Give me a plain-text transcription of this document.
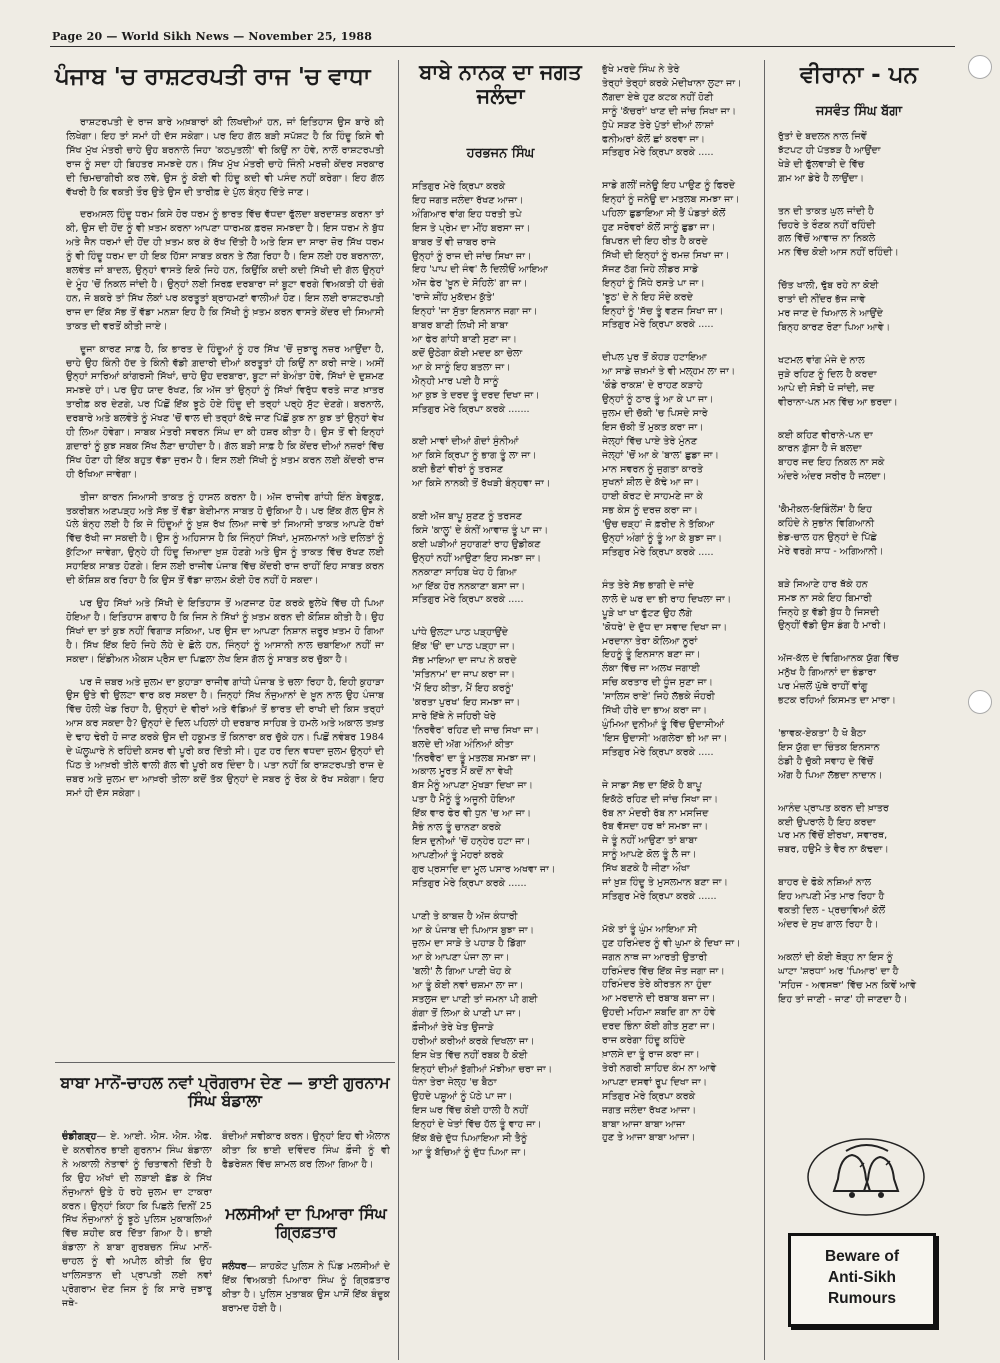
Page 20 — World Sikh News — November 25, 1988
ਪੰਜਾਬ 'ਚ ਰਾਸ਼ਟਰਪਤੀ ਰਾਜ 'ਚ ਵਾਧਾ

ਰਾਸ਼ਟਰਪਤੀ ਦੇ ਰਾਜ ਬਾਰੇ ਅਖ਼ਬਾਰਾਂ ਕੀ ਲਿਖਦੀਆਂ ਹਨ, ਜਾਂ ਇਤਿਹਾਸ ਉਸ ਬਾਰੇ ਕੀ ਲਿਖੇਗਾ। ਇਹ ਤਾਂ ਸਮਾਂ ਹੀ ਦੱਸ ਸਕੇਗਾ। ਪਰ ਇਹ ਗੱਲ ਬੜੀ ਸਪੱਸ਼ਟ ਹੈ ਕਿ ਹਿੰਦੂ ਕਿਸੇ ਵੀ ਸਿੱਖ ਮੁੱਖ ਮੰਤਰੀ ਚਾਹੇ ਉਹ ਬਰਨਾਲੇ ਜਿਹਾ 'ਕਠਪੁਤਲੀ' ਵੀ ਕਿਉਂ ਨਾ ਹੋਵੇ, ਨਾਲੋਂ ਰਾਸ਼ਟਰਪਤੀ ਰਾਜ ਨੂੰ ਸਦਾ ਹੀ ਬਿਹਤਰ ਸਮਝਦੇ ਹਨ। ਸਿੱਖ ਮੁੱਖ ਮੰਤਰੀ ਚਾਹੇ ਜਿੰਨੀ ਮਰਜ਼ੀ ਕੇਂਦਰ ਸਰਕਾਰ ਦੀ ਚਿਮਚਾਗੀਰੀ ਕਰ ਲਵੇ, ਉਸ ਨੂੰ ਕੋਈ ਵੀ ਹਿੰਦੂ ਕਦੀ ਵੀ ਪਸੰਦ ਨਹੀਂ ਕਰੇਗਾ। ਇਹ ਗੱਲ ਵੱਖਰੀ ਹੈ ਕਿ ਵਕਤੀ ਤੌਰ ਉਤੇ ਉਸ ਦੀ ਤਾਰੀਫ਼ ਦੇ ਪੁੱਲ ਬੰਨ੍ਹ ਦਿੱਤੇ ਜਾਣ।

ਦਰਅਸਲ ਹਿੰਦੂ ਧਰਮ ਕਿਸੇ ਹੋਰ ਧਰਮ ਨੂੰ ਭਾਰਤ ਵਿੱਚ ਵੱਧਦਾ ਫੁੱਲਦਾ ਬਰਦਾਸ਼ਤ ਕਰਨਾ ਤਾਂ ਕੀ, ਉਸ ਦੀ ਹੋਂਦ ਨੂੰ ਵੀ ਖ਼ਤਮ ਕਰਨਾ ਆਪਣਾ ਧਾਰਮਕ ਫ਼ਰਜ਼ ਸਮਝਦਾ ਹੈ। ਇਸ ਧਰਮ ਨੇ ਬੁੱਧ ਅਤੇ ਜੈਨ ਧਰਮਾਂ ਦੀ ਹੋਂਦ ਹੀ ਖ਼ਤਮ ਕਰ ਕੇ ਰੱਖ ਦਿੱਤੀ ਹੈ ਅਤੇ ਇਸ ਦਾ ਸਾਰਾ ਜ਼ੋਰ ਸਿੱਖ ਧਰਮ ਨੂੰ ਵੀ ਹਿੰਦੂ ਧਰਮ ਦਾ ਹੀ ਇਕ ਹਿੱਸਾ ਸਾਬਤ ਕਰਨ ਤੇ ਲੱਗ ਰਿਹਾ ਹੈ। ਇਸ ਲਈ ਹਰ ਬਰਨਾਲਾ, ਬਲਵੰਤ ਜਾਂ ਬਾਦਲ, ਉਨ੍ਹਾਂ ਵਾਸਤੇ ਇਕੋ ਜਿਹੇ ਹਨ, ਕਿਉਂਕਿ ਕਦੀ ਕਦੀ ਸਿੱਖੀ ਦੀ ਗੱਲ ਉਨ੍ਹਾਂ ਦੇ ਮੂੰਹ 'ਚੋਂ ਨਿਕਲ ਜਾਂਦੀ ਹੈ। ਉਨ੍ਹਾਂ ਲਈ ਸਿਰਫ਼ ਦਰਬਾਰਾ ਜਾਂ ਬੂਟਾ ਵਰਗੇ ਵਿਅਕਤੀ ਹੀ ਚੰਗੇ ਹਨ, ਜੋ ਬਕਰੇ ਤਾਂ ਸਿੱਖ ਲੋਕਾਂ ਪਰ ਕਰਤੂਤਾਂ ਬ੍ਰਾਹਮਣਾਂ ਵਾਲੀਆਂ ਹੋਣ। ਇਸ ਲਈ ਰਾਸ਼ਟਰਪਤੀ ਰਾਜ ਦਾ ਇੱਕ ਸੱਭ ਤੋਂ ਵੱਡਾ ਮਨਸ਼ਾ ਇਹ ਹੈ ਕਿ ਸਿੱਖੀ ਨੂੰ ਖ਼ਤਮ ਕਰਨ ਵਾਸਤੇ ਕੇਂਦਰ ਦੀ ਸਿਆਸੀ ਤਾਕਤ ਦੀ ਵਰਤੋਂ ਕੀਤੀ ਜਾਏ।

ਦੂਜਾ ਕਾਰਣ ਸਾਫ਼ ਹੈ, ਕਿ ਭਾਰਤ ਦੇ ਹਿੰਦੂਆਂ ਨੂੰ ਹਰ ਸਿੱਖ 'ਚੋਂ ਜੁਝਾਰੂ ਨਜ਼ਰ ਆਉਂਦਾ ਹੈ, ਚਾਹੇ ਉਹ ਕਿੰਨੀ ਹੱਦ ਤੇ ਕਿੰਨੀ ਵੱਡੀ ਗ਼ਦਾਰੀ ਦੀਆਂ ਕਰਤੂਤਾਂ ਹੀ ਕਿਉਂ ਨਾ ਕਰੀ ਜਾਏ। ਅਸੀਂ ਉਨ੍ਹਾਂ ਸਾਰਿਆਂ ਕਾਂਗਰਸੀ ਸਿੱਖਾਂ, ਚਾਹੇ ਉਹ ਦਰਬਾਰਾ, ਬੂਟਾ ਜਾਂ ਬੇਅੰਤਾ ਹੋਵੇ, ਸਿੱਖਾਂ ਦੇ ਦੁਸ਼ਮਣ ਸਮਝਦੇ ਹਾਂ। ਪਰ ਉਹ ਯਾਦ ਰੱਖਣ, ਕਿ ਅੱਜ ਤਾਂ ਉਨ੍ਹਾਂ ਨੂੰ ਸਿੱਖਾਂ ਵਿਰੁੱਧ ਵਰਤੇ ਜਾਣ ਖ਼ਾਤਰ ਤਾਰੀਫ਼ ਕਰ ਦੇਣਗੇ, ਪਰ ਪਿੱਛੋਂ ਇੱਕ ਝੂਠੇ ਹੋਏ ਹਿੰਦੂ ਦੀ ਤਰ੍ਹਾਂ ਪਰ੍ਹੇ ਸੁੱਟ ਦੇਣਗੇ। ਬਰਨਾਲੇ, ਦਰਬਾਰੇ ਅਤੇ ਬਲਵੰਤੇ ਨੂੰ ਮੱਖਣ 'ਚੋਂ ਵਾਲ ਦੀ ਤਰ੍ਹਾਂ ਕੱਢੇ ਜਾਣ ਪਿੱਛੋਂ ਕੁਝ ਨਾ ਕੁਝ ਤਾਂ ਉਨ੍ਹਾਂ ਵੇਖ ਹੀ ਲਿਆ ਹੋਵੇਗਾ। ਸਾਬਕ ਮੰਤਰੀ ਸਵਰਨ ਸਿੰਘ ਦਾ ਕੀ ਹਸ਼ਰ ਕੀਤਾ ਹੈ। ਉਸ ਤੋਂ ਵੀ ਇਨ੍ਹਾਂ ਗ਼ਦਾਰਾਂ ਨੂੰ ਕੁਝ ਸਬਕ ਸਿੱਖ ਲੈਣਾ ਚਾਹੀਦਾ ਹੈ। ਗੱਲ ਬੜੀ ਸਾਫ਼ ਹੈ ਕਿ ਕੇਂਦਰ ਦੀਆਂ ਨਜ਼ਰਾਂ ਵਿੱਚ ਸਿੱਖ ਹੋਣਾ ਹੀ ਇੱਕ ਬਹੁਤ ਵੱਡਾ ਜੁਰਮ ਹੈ। ਇਸ ਲਈ ਸਿੱਖੀ ਨੂੰ ਖ਼ਤਮ ਕਰਨ ਲਈ ਕੇਂਦਰੀ ਰਾਜ ਹੀ ਰੱਖਿਆ ਜਾਵੇਗਾ।

ਤੀਜਾ ਕਾਰਨ ਸਿਆਸੀ ਤਾਕਤ ਨੂੰ ਹਾਸਲ ਕਰਨਾ ਹੈ। ਅੱਜ ਰਾਜੀਵ ਗਾਂਧੀ ਇੰਨ ਬੇਵਕੂਫ਼, ਤਕਰੀਬਨ ਅਣਪੜ੍ਹ ਅਤੇ ਸੱਭ ਤੋਂ ਵੱਡਾ ਬੇਈਮਾਨ ਸਾਬਤ ਹੋ ਚੁੱਕਿਆ ਹੈ। ਪਰ ਇੱਕ ਗੱਲ ਉਸ ਨੇ ਪੱਲੇ ਬੰਨ੍ਹ ਲਈ ਹੈ ਕਿ ਜੇ ਹਿੰਦੂਆਂ ਨੂੰ ਖ਼ੁਸ਼ ਰੱਖ ਲਿਆ ਜਾਵੇ ਤਾਂ ਸਿਆਸੀ ਤਾਕਤ ਆਪਣੇ ਹੱਥਾਂ ਵਿੱਚ ਰੱਖੀ ਜਾ ਸਕਦੀ ਹੈ। ਉਸ ਨੂੰ ਅਹਿਸਾਸ ਹੈ ਕਿ ਜਿੰਨ੍ਹਾਂ ਸਿੱਖਾਂ, ਮੁਸਲਮਾਨਾਂ ਅਤੇ ਦਲਿਤਾਂ ਨੂੰ ਕੁੱਟਿਆ ਜਾਵੇਗਾ, ਉਨ੍ਹੇ ਹੀ ਹਿੰਦੂ ਜ਼ਿਆਦਾ ਖ਼ੁਸ਼ ਹੋਣਗੇ ਅਤੇ ਉਸ ਨੂੰ ਤਾਕਤ ਵਿੱਚ ਰੱਖਣ ਲਈ ਸਹਾਇਕ ਸਾਬਤ ਹੋਣਗੇ। ਇਸ ਲਈ ਰਾਜੀਵ ਪੰਜਾਬ ਵਿੱਚ ਕੇਂਦਰੀ ਰਾਜ ਰਾਹੀਂ ਇਹ ਸਾਬਤ ਕਰਨ ਦੀ ਕੋਸ਼ਿਸ਼ ਕਰ ਰਿਹਾ ਹੈ ਕਿ ਉਸ ਤੋਂ ਵੱਡਾ ਜ਼ਾਲਮ ਕੋਈ ਹੋਰ ਨਹੀਂ ਹੋ ਸਕਦਾ।

ਪਰ ਉਹ ਸਿੱਖਾਂ ਅਤੇ ਸਿੱਖੀ ਦੇ ਇਤਿਹਾਸ ਤੋਂ ਅਣਜਾਣ ਹੋਣ ਕਰਕੇ ਭੁਲੇਖੇ ਵਿੱਚ ਹੀ ਪਿਆ ਹੋਇਆ ਹੈ। ਇਤਿਹਾਸ ਗਵਾਹ ਹੈ ਕਿ ਜਿਸ ਨੇ ਸਿੱਖਾਂ ਨੂੰ ਖ਼ਤਮ ਕਰਨ ਦੀ ਕੋਸ਼ਿਸ਼ ਕੀਤੀ ਹੈ। ਉਹ ਸਿੱਖਾਂ ਦਾ ਤਾਂ ਕੁਝ ਨਹੀਂ ਵਿਗਾੜ ਸਕਿਆ, ਪਰ ਉਸ ਦਾ ਆਪਣਾ ਨਿਸ਼ਾਨ ਜ਼ਰੂਰ ਖ਼ਤਮ ਹੋ ਗਿਆ ਹੈ। ਸਿੱਖ ਇੱਕ ਇਹੋ ਜਿਹੇ ਲੋਹੇ ਦੇ ਛੋਲੇ ਹਨ, ਜਿੰਨ੍ਹਾਂ ਨੂੰ ਆਸਾਨੀ ਨਾਲ ਚਬਾਇਆ ਨਹੀਂ ਜਾ ਸਕਦਾ। ਇੰਡੀਅਨ ਐਕਸ ਪ੍ਰੈਸ ਦਾ ਪਿਛਲਾ ਲੇਖ ਇਸ ਗੱਲ ਨੂੰ ਸਾਬਤ ਕਰ ਚੁੱਕਾ ਹੈ।

ਪਰ ਜੋ ਜ਼ਬਰ ਅਤੇ ਜ਼ੁਲਮ ਦਾ ਕੁਹਾੜਾ ਰਾਜੀਵ ਗਾਂਧੀ ਪੰਜਾਬ ਤੇ ਚਲਾ ਰਿਹਾ ਹੈ, ਇਹੀ ਕੁਹਾੜਾ ਉਸ ਉਤੇ ਵੀ ਉਲਟਾ ਵਾਰ ਕਰ ਸਕਦਾ ਹੈ। ਜਿਨ੍ਹਾਂ ਸਿੱਖ ਨੌਜੁਆਨਾਂ ਦੇ ਖ਼ੂਨ ਨਾਲ ਉਹ ਪੰਜਾਬ ਵਿੱਚ ਹੋਲੀ ਖੇਡ ਰਿਹਾ ਹੈ, ਉਨ੍ਹਾਂ ਦੇ ਵੀਰਾਂ ਅਤੇ ਵੱਡਿਆਂ ਤੋਂ ਭਾਰਤ ਦੀ ਰਾਖੀ ਦੀ ਕਿਸ ਤਰ੍ਹਾਂ ਆਸ ਕਰ ਸਕਦਾ ਹੈ? ਉਨ੍ਹਾਂ ਦੇ ਦਿਲ ਪਹਿਲਾਂ ਹੀ ਦਰਬਾਰ ਸਾਹਿਬ ਤੇ ਹਮਲੇ ਅਤੇ ਅਕਾਲ ਤਖ਼ਤ ਦੇ ਢਾਹ ਢੇਰੀ ਹੋ ਜਾਣ ਕਰਕੇ ਉਸ ਦੀ ਹਕੂਮਤ ਤੋਂ ਕਿਨਾਰਾ ਕਰ ਚੁੱਕੇ ਹਨ। ਪਿਛੋਂ ਨਵੰਬਰ 1984 ਦੇ ਘੱਲੂਘਾਰੇ ਨੇ ਰਹਿੰਦੀ ਕਸਰ ਵੀ ਪੂਰੀ ਕਰ ਦਿੱਤੀ ਸੀ। ਹੁਣ ਹਰ ਦਿਨ ਵਧਦਾ ਜ਼ੁਲਮ ਉਨ੍ਹਾਂ ਦੀ ਪਿੱਠ ਤੇ ਆਖ਼ਰੀ ਤੀਲੇ ਵਾਲੀ ਗੱਲ ਵੀ ਪੂਰੀ ਕਰ ਦਿੰਦਾ ਹੈ। ਪਤਾ ਨਹੀਂ ਕਿ ਰਾਸ਼ਟਰਪਤੀ ਰਾਜ ਦੇ ਜ਼ਬਰ ਅਤੇ ਜ਼ੁਲਮ ਦਾ ਆਖ਼ਰੀ ਤੀਲਾ ਕਦੋਂ ਤੱਕ ਉਨ੍ਹਾਂ ਦੇ ਸਬਰ ਨੂੰ ਰੋਕ ਕੇ ਰੱਖ ਸਕੇਗਾ। ਇਹ ਸਮਾਂ ਹੀ ਦੱਸ ਸਕੇਗਾ।

ਬਾਬਾ ਮਾਨੋਂ-ਚਾਹਲ ਨਵਾਂ ਪ੍ਰੋਗਰਾਮ ਦੇਣ — ਭਾਈ ਗੁਰਨਾਮ ਸਿੰਘ ਬੰਡਾਲਾ
ਚੰਡੀਗੜ੍ਹ— ਏ. ਆਈ. ਐਸ. ਐਸ. ਐਫ. ਦੇ ਕਨਵੀਨਰ ਭਾਈ ਗੁਰਨਾਮ ਸਿੰਘ ਬੰਡਾਲਾ ਨੇ ਅਕਾਲੀ ਨੇਤਾਵਾਂ ਨੂੰ ਚਿਤਾਵਨੀ ਦਿੱਤੀ ਹੈ ਕਿ ਉਹ ਅੱਖਾਂ ਦੀ ਲੜਾਈ ਛੱਡ ਕੇ ਸਿੱਖ ਨੌਜੁਆਨਾਂ ਉਤੇ ਹੋ ਰਹੇ ਜ਼ੁਲਮ ਦਾ ਟਾਕਰਾ ਕਰਨ। ਉਨ੍ਹਾਂ ਕਿਹਾ ਕਿ ਪਿਛਲੇ ਦਿਨੀਂ 25 ਸਿੱਖ ਨੌਜੁਆਨਾਂ ਨੂੰ ਝੂਠੇ ਪੁਲਿਸ ਮੁਕਾਬਲਿਆਂ ਵਿੱਚ ਸ਼ਹੀਦ ਕਰ ਦਿੱਤਾ ਗਿਆ ਹੈ। ਭਾਈ ਬੰਡਾਲਾ ਨੇ ਬਾਬਾ ਗੁਰਬਚਨ ਸਿੰਘ ਮਾਨੋਂ-ਚਾਹਲ ਨੂੰ ਵੀ ਅਪੀਲ ਕੀਤੀ ਕਿ ਉਹ ਖਾਲਿਸਤਾਨ ਦੀ ਪ੍ਰਾਪਤੀ ਲਈ ਨਵਾਂ ਪ੍ਰੋਗਰਾਮ ਦੇਣ ਜਿਸ ਨੂੰ ਕਿ ਸਾਰੇ ਜੁਝਾਰੂ ਜਥੇ-
ਬੰਦੀਆਂ ਸਵੀਕਾਰ ਕਰਨ। ਉਨ੍ਹਾਂ ਇਹ ਵੀ ਐਲਾਨ ਕੀਤਾ ਕਿ ਭਾਈ ਦਵਿੰਦਰ ਸਿੰਘ ਫ਼ੌਜੀ ਨੂੰ ਵੀ ਫੈਡਰੇਸ਼ਨ ਵਿੱਚ ਸ਼ਾਮਲ ਕਰ ਲਿਆ ਗਿਆ ਹੈ।
ਮਲਸੀਆਂ ਦਾ ਪਿਆਰਾ ਸਿੰਘ ਗ੍ਰਿਫ਼ਤਾਰ
ਜਲੰਧਰ— ਸ਼ਾਹਕੋਟ ਪੁਲਿਸ ਨੇ ਪਿੰਡ ਮਲਸੀਆਂ ਦੇ ਇੱਕ ਵਿਅਕਤੀ ਪਿਆਰਾ ਸਿੰਘ ਨੂੰ ਗ੍ਰਿਫ਼ਤਾਰ ਕੀਤਾ ਹੈ। ਪੁਲਿਸ ਮੁਤਾਬਕ ਉਸ ਪਾਸੋਂ ਇੱਕ ਬੰਦੂਕ ਬਰਾਮਦ ਹੋਈ ਹੈ।
ਬਾਬੇ ਨਾਨਕ ਦਾ ਜਗਤ ਜਲੰਦਾ
ਹਰਭਜਨ ਸਿੰਘ
ਸਤਿਗੁਰ ਮੇਰੇ ਕ੍ਰਿਪਾ ਕਰਕੇ
ਇਹ ਜਗਤ ਜਲੰਦਾ ਰੱਖਣ ਆਜਾ।
ਅੰਗਿਆਰ ਵਾਂਗ ਇਹ ਧਰਤੀ ਤਪੇ
ਇਸ ਤੇ ਪ੍ਰੇਮ ਦਾ ਮੀਂਹ ਬਰਸਾ ਜਾ।
ਬਾਬਰ ਤੋਂ ਵੀ ਜ਼ਾਬਰ ਰਾਜੇ
ਉਨ੍ਹਾਂ ਨੂੰ ਰਾਜ ਦੀ ਜਾਂਚ ਸਿਖਾ ਜਾ।
ਇਹ 'ਪਾਪ ਦੀ ਜੰਞ' ਲੈ ਦਿਲੀਓਂ ਆਇਆ
ਅੱਜ ਫੇਰ 'ਖ਼ੂਨ ਦੇ ਸੋਹਿਲੇ' ਗਾ ਜਾ।
'ਰਾਜੇ ਸ਼ੀਂਹ ਮੁਕੱਦਮ ਕੁੱਤੇ'
ਇਨ੍ਹਾਂ 'ਜਾ ਸੁੱਤਾ ਇਨਸਾਨ ਜਗਾ ਜਾ।
ਬਾਬਰ ਬਾਣੀ ਲਿਖੀ ਸੀ ਬਾਬਾ
ਆ ਫੇਰ ਗਾਂਧੀ ਬਾਣੀ ਸੁਣਾ ਜਾ।
ਕਦੋਂ ਉਠੇਗਾ ਕੋਈ ਮਦਦ ਕਾ ਚੇਲਾ
ਆ ਕੇ ਸਾਨੂੰ ਇਹ ਬਤਲਾ ਜਾ।
ਐਨ੍ਹੀ ਮਾਰ ਪਈ ਹੈ ਸਾਨੂੰ
ਆ ਕੁਝ ਤੇ ਦਰਦ ਤੂੰ ਦਰਦ ਦਿਖਾ ਜਾ।
ਸਤਿਗੁਰ ਮੇਰੇ ਕ੍ਰਿਪਾ ਕਰਕੇ .......
ਕਈ ਮਾਵਾਂ ਦੀਆਂ ਗੋਦਾਂ ਸੁੰਨੀਆਂ
ਆ ਕਿਸੇ ਕ੍ਰਿਪਾ ਨੂੰ ਭਾਗ ਤੂੰ ਲਾ ਜਾ।
ਕਈ ਭੈਣਾਂ ਵੀਰਾਂ ਨੂੰ ਤਰਸਣ
ਆ ਕਿਸੇ ਨਾਨਕੀ ਤੋਂ ਰੱਖੜੀ ਬੰਨ੍ਹਵਾ ਜਾ।
ਕਈ ਅੱਜ ਬਾਪੂ ਸੁਣਣ ਨੂੰ ਤਰਸਣ
ਕਿਸੇ 'ਕਾਲੂ' ਦੇ ਕੰਨੀਂ ਆਵਾਜ਼ ਤੂੰ ਪਾ ਜਾ।
ਕਈ ਘੜੀਆਂ ਸੁਹਾਗਣਾਂ ਰਾਹ ਉਡੀਕਣ
ਉਨ੍ਹਾਂ ਨਹੀਂ ਆਉਣਾ ਇਹ ਸਮਝਾ ਜਾ।
ਨਨਕਾਣਾ ਸਾਹਿਬ ਖੇਹ ਹੋ ਗਿਆ
ਆ ਇੱਕ ਹੋਰ ਨਨਕਾਣਾ ਬਸਾ ਜਾ।
ਸਤਿਗੁਰ ਮੇਰੇ ਕ੍ਰਿਪਾ ਕਰਕੇ .....
ਪਾਂਧੇ ਉਲਟਾ ਪਾਠ ਪੜ੍ਹਾਉਂਦੇ
ਇੱਕ 'ਓਂ' ਦਾ ਪਾਠ ਪੜ੍ਹਾ ਜਾ।
ਸੱਭ ਮਾਇਆ ਦਾ ਜਾਪ ਨੇ ਕਰਦੇ
'ਸਤਿਨਾਮ' ਦਾ ਜਾਪ ਕਰਾ ਜਾ।
'ਮੈਂ ਇਹ ਕੀਤਾ, ਮੈਂ ਇਹ ਕਰਨੂੰ'
'ਕਰਤਾ ਪੁਰਖ' ਇਹ ਸਮਝਾ ਜਾ।
ਸਾਰੇ ਇੱਥੇ ਨੇ ਜਹਿਰੀ ਖੋਰੇ
'ਨਿਰਵੈਰ' ਰਹਿਣ ਦੀ ਜਾਚ ਸਿਖਾ ਜਾ।
ਬਲਦੇ ਦੀ ਅੱਗ ਅੰਨਿਆਂ ਕੀਤਾ
'ਨਿਰਵੈਰ' ਦਾ ਤੂੰ ਮਤਲਬ ਸਮਝਾ ਜਾ।
ਅਕਾਲ ਮੂਰਤ ਮੈਂ ਕਦੋਂ ਨਾ ਵੇਖੀ
ਬੱਸ ਮੈਨੂੰ ਆਪਣਾ ਮੁੱਖੜਾ ਦਿਖਾ ਜਾ।
ਪਤਾ ਹੈ ਮੈਨੂੰ ਤੂੰ ਅਜੂਨੀ ਹੋਇਆ
ਇੱਕ ਵਾਰ ਫੇਰ ਵੀ ਧੁਨ 'ਚ ਆ ਜਾ।
ਸੈਭੰ ਨਾਲ ਤੂੰ ਚਾਨਣਾ ਕਰਕੇ
ਇਸ ਦੁਨੀਆਂ 'ਚੋਂ ਹਨ੍ਹੇਰ ਹਟਾ ਜਾ।
ਆਪਣੀਆਂ ਤੂੰ ਮੋਹਰਾਂ ਕਰਕੇ
ਗੁਰ ਪ੍ਰਸਾਦਿ ਦਾ ਮੂਲ ਪਸਾਰ ਅਖਵਾ ਜਾ।
ਸਤਿਗੁਰ ਮੇਰੇ ਕ੍ਰਿਪਾ ਕਰਕੇ ......
ਪਾਣੀ ਤੇ ਕਾਬਜ਼ ਹੈ ਅੱਜ ਕੰਧਾਰੀ
ਆ ਕੇ ਪੰਜਾਬ ਦੀ ਪਿਆਸ ਬੁਝਾ ਜਾ।
ਜ਼ੁਲਮ ਦਾ ਸਾੜੇ ਤੇ ਪਹਾੜ ਹੈ ਡਿੱਗਾ
ਆ ਕੇ ਆਪਣਾ ਪੰਜਾ ਲਾ ਜਾ।
'ਬਲੀ' ਲੈ ਗਿਆ ਪਾਣੀ ਖੋਹ ਕੇ
ਆ ਤੂੰ ਕੋਈ ਨਵਾਂ ਚਸ਼ਮਾ ਲਾ ਜਾ।
ਸਤਲੁਜ ਦਾ ਪਾਣੀ ਤਾਂ ਜਮਨਾ ਪੀ ਗਈ
ਗੰਗਾ ਤੋਂ ਲਿਆ ਕੇ ਪਾਣੀ ਪਾ ਜਾ।
ਫ਼ੌਜੀਆਂ ਤੇਰੇ ਖੇਤ ਉਜਾੜੇ
ਹਰੀਆਂ ਕਰੀਆਂ ਕਰਕੇ ਦਿਖਲਾ ਜਾ।
ਇਸ ਖੇਤ ਵਿੱਚ ਨਹੀਂ ਰਬਕ ਹੈ ਕੋਈ
ਇਨ੍ਹਾਂ ਦੀਆਂ ਝੁੱਗੀਆਂ ਮੱਝੀਆ ਚਰਾ ਜਾ।
ਧੰਨਾ ਤੇਰਾ ਜੇਲ੍ਹ 'ਚ ਬੈਠਾ
ਉਹਦੇ ਪਸ਼ੂਆਂ ਨੂੰ ਪੱਠੇ ਪਾ ਜਾ।
ਇਸ ਘਰ ਵਿੱਚ ਕੋਈ ਹਾਲੀ ਹੈ ਨਹੀਂ
ਇਨ੍ਹਾਂ ਦੇ ਖੇਤਾਂ ਵਿੱਚ ਹੱਲ ਤੂੰ ਵਾਹ ਜਾ।
ਇੱਕ ਬੱਚੇ ਦੁੱਧ ਪਿਆਇਆ ਸੀ ਤੈਨੂੰ
ਆ ਤੂੰ ਬੱਚਿਆਂ ਨੂੰ ਦੁੱਧ ਪਿਆ ਜਾ।
ਭੁੱਖੇ ਮਰਦੇ ਸਿੰਘ ਨੇ ਤੇਰੇ
ਤੇਰ੍ਹਾਂ ਤੇਰ੍ਹਾਂ ਕਰਕੇ ਮੋਦੀਖਾਨਾ ਲੁਟਾ ਜਾ।
ਲੱਗਦਾ ਏਥੇ ਹੁਣ ਕਟਕ ਨਹੀਂ ਹੋਣੀ
ਸਾਨੂੰ 'ਕੱਚਰਾਂ' ਖਾਣ ਦੀ ਜਾਂਚ ਸਿਖਾ ਜਾ।
ਧੁੱਪੇ ਸੜਣ ਤੇਰੇ ਪੁੱਤਾਂ ਦੀਆਂ ਲਾਸ਼ਾਂ
ਫਨੀਅਰਾਂ ਕੋਲੋਂ ਛਾਂ ਕਰਵਾ ਜਾ।
ਸਤਿਗੁਰ ਮੇਰੇ ਕ੍ਰਿਪਾ ਕਰਕੇ .....
ਸਾਡੇ ਗਲੀਂ ਜਨੇਊ ਇਹ ਪਾਉਣ ਨੂੰ ਫਿਰਦੇ
ਇਨ੍ਹਾਂ ਨੂੰ ਜਨੇਊ ਦਾ ਮਤਲਬ ਸਮਝਾ ਜਾ।
ਪਹਿਲਾ ਛੁਡਾਇਆ ਸੀ ਤੈਂ ਪੰਡਤਾਂ ਕੋਲੋਂ
ਹੁਣ ਸਰੋਵਰਾਂ ਕੋਲੋਂ ਸਾਨੂੰ ਛੁਡਾ ਜਾ।
ਬਿਪਰਨ ਦੀ ਇਹ ਰੀਤ ਹੈ ਕਰਦੇ
ਸਿੱਖੀ ਦੀ ਇਨ੍ਹਾਂ ਨੂੰ ਰਮਜ਼ ਸਿਖਾ ਜਾ।
ਸੱਜਣ ਠੱਗ ਜਿਹੇ ਲੀਡਰ ਸਾਡੇ
ਇਨ੍ਹਾਂ ਨੂੰ ਸਿੱਧੇ ਰਸਤੇ ਪਾ ਜਾ।
'ਝੂਠ' ਦੇ ਨੇ ਇਹ ਸੌਦੇ ਕਰਦੇ
ਇਨ੍ਹਾਂ ਨੂੰ 'ਸੱਚ ਤੂੰ ਵਣਜ ਸਿਖਾ ਜਾ।
ਸਤਿਗੁਰ ਮੇਰੇ ਕ੍ਰਿਪਾ ਕਰਕੇ .....
ਦੀਪਲ ਪੁਰ ਤੋਂ ਕੋਹੜ ਹਟਾਇਆ
ਆ ਸਾਡੇ ਜ਼ਖ਼ਮਾਂ ਤੇ ਵੀ ਮਲ੍ਹਮ ਲਾ ਜਾ।
'ਕੌਡੇ ਰਾਕਸ਼' ਦੇ ਰਾਹਣ ਕੜਾਹੇ
ਉਨ੍ਹਾਂ ਨੂੰ ਠਾਰ ਤੂੰ ਆ ਕੇ ਪਾ ਜਾ।
ਜ਼ੁਲਮ ਦੀ ਚੱਕੀ 'ਚ ਪਿਸਦੇ ਸਾਰੇ
ਇਸ ਚੱਕੀ ਤੋਂ ਮੁਕਤ ਕਰਾ ਜਾ।
ਜੇਲ੍ਹਾਂ ਵਿੱਚ ਪਾਏ ਤੇਰੇ ਮੁੰਨਣ
ਜੇਲ੍ਹਾਂ 'ਚੋਂ ਆ ਕੇ 'ਬਾਲ' ਛੁਡਾ ਜਾ।
ਮਾਨ ਸਵਰਨ ਨੂੰ ਜੁਗਤਾ ਕਾਰਤੇ
ਸੁਖਨਾਂ ਸ਼ੀਲ ਦੇ ਕੱਢੇ ਆ ਜਾ।
ਹਾਈ ਕੋਰਟ ਦੇ ਸਾਹਮਣੇ ਜਾ ਕੇ
ਸਭ ਕੇਸ ਨੂੰ ਦਰਜ਼ ਕਰਾ ਜਾ।
'ਉਚ ਚੜ੍ਹ' ਜੋ ਫ਼ਰੀਦ ਨੇ ਤੱਕਿਆ
ਉਨ੍ਹਾਂ ਅੰਗਾਂ ਨੂੰ ਤੂੰ ਆ ਕੇ ਬੁਝਾ ਜਾ।
ਸਤਿਗੁਰ ਮੇਰੇ ਕ੍ਰਿਪਾ ਕਰਕੇ .....
ਸੰਤ ਤੇਰੇ ਸੱਭ ਭਾਗੀ ਦੇ ਜਾਂਦੇ
ਲਾਲੋ ਦੇ ਘਰ ਦਾ ਭੀ ਰਾਹ ਦਿਖਲਾ ਜਾ।
ਪੂੜੇ ਖਾ ਖਾ ਫੁੱਟਣ ਉਹ ਲੱਗੇ
'ਕੋਧਰੇ' ਦੇ ਦੁੱਧ ਦਾ ਸਵਾਦ ਦਿਖਾ ਜਾ।
ਮਰਦਾਨਾ ਤੇਰਾ ਕੋਲਿਆ ਨੂਰਾਂ
ਇਹਨੂੰ ਤੂੰ ਇਨਸਾਨ ਬਣਾ ਜਾ।
ਲੰਕਾ ਵਿੱਚ ਜਾ ਅਲਖ ਜਗਾਈ
ਸਚਿ ਕਰਤਾਰ ਦੀ ਧੂੰਜ ਸੁਣਾ ਜਾ।
'ਸਾਲਿਸ ਰਾਏ' ਜਿਹੇ ਲੱਭਕੇ ਜੌਹਰੀ
ਸਿੱਖੀ ਹੀਰੇ ਦਾ ਭਾਅ ਕਰਾ ਜਾ।
ਘੁੰਮਿਆ ਦੁਨੀਆਂ ਤੂੰ ਵਿੱਚ ਉਦਾਸੀਆਂ
'ਇਸ ਉਦਾਸੀ' ਅਗਲੇਰਾ ਭੀ ਆ ਜਾ।
ਸਤਿਗੁਰ ਮੇਰੇ ਕ੍ਰਿਪਾ ਕਰਕੇ .....
ਜੇ ਸਾਡਾ ਸੱਭ ਦਾ ਇੱਕੋ ਹੈ ਬਾਪੂ
ਇਕੱਠੇ ਰਹਿਣ ਦੀ ਜਾਂਚ ਸਿਖਾ ਜਾ।
ਰੱਬ ਨਾ ਮੰਦਰੀ ਰੱਬ ਨਾ ਮਸਜਿਦ
ਰੱਬ ਵੱਸਦਾ ਹਰ ਥਾਂ ਸਮਝਾ ਜਾ।
ਜੇ ਤੂੰ ਨਹੀਂ ਆਉਣਾ ਤਾਂ ਬਾਬਾ
ਸਾਨੂੰ ਆਪਣੇ ਕੋਲ ਤੂੰ ਲੈ ਜਾ।
ਸਿੱਖ ਬਣਕੇ ਹੈ ਜੀਣਾ ਔਖਾ
ਜਾਂ ਖ਼ੁਸ਼ ਹਿੰਦੂ ਤੇ ਮੁਸਲਮਾਨ ਬਣਾ ਜਾ।
ਸਤਿਗੁਰ ਮੇਰੇ ਕ੍ਰਿਪਾ ਕਰਕੇ ......
ਮੱਕੇ ਤਾਂ ਤੂੰ ਘੁੰਮ ਆਇਆ ਸੀ
ਹੁਣ ਹਰਿਮੰਦਰ ਨੂੰ ਵੀ ਘੁਮਾ ਕੇ ਦਿਖਾ ਜਾ।
ਜਗਨ ਨਾਥ ਜਾ ਆਰਤੀ ਉਤਾਰੀ
ਹਰਿਮੰਦਰ ਵਿੱਚ ਇੱਕ ਜੋਤ ਜਗਾ ਜਾ।
ਹਰਿਮੰਦਰ ਤੇਰੇ ਕੀਰਤਨ ਨਾ ਹੁੰਦਾ
ਆ ਮਰਦਾਨੇ ਦੀ ਰਬਾਬ ਬਜਾ ਜਾ।
ਉਹਦੀ ਮਹਿਮਾ ਸ਼ਬਦਿ ਗਾ ਨਾ ਹੋਵੇ
ਦਰਦ ਭਿੰਨਾ ਕੋਈ ਗੀਤ ਸੁਣਾ ਜਾ।
ਰਾਜ ਕਰੇਗਾ ਹਿੰਦੂ ਕਹਿੰਦੇ
ਖ਼ਾਲਸੇ ਦਾ ਤੂੰ ਰਾਜ ਕਰਾ ਜਾ।
ਤੇਰੀ ਨਗਰੀ ਸ਼ਾਹਿਦ ਕੰਮ ਨਾ ਆਵੇ
ਆਪਣਾ ਦਸਵਾਂ ਰੂਪ ਦਿਖਾ ਜਾ।
ਸਤਿਗੁਰ ਮੇਰੇ ਕ੍ਰਿਪਾ ਕਰਕੇ
ਜਗਤ ਜਲੰਦਾ ਰੱਖਣ ਆਜਾ।
ਬਾਬਾ ਆਜਾ ਬਾਬਾ ਆਜਾ
ਹੁਣ ਤੇ ਆਜਾ ਬਾਬਾ ਆਜਾ।
ਵੀਰਾਨਾ - ਪਨ
ਜਸਵੰਤ ਸਿੰਘ ਬੱਗਾ
ਰੁੱਤਾਂ ਦੇ ਬਦਲਨ ਨਾਲ ਜਿਵੇਂ
ਝੱਟਪਟ ਹੀ ਪੱਤਝੜ ਹੈ ਆਉਂਦਾ
ਖੇੜੇ ਦੀ ਫੁੱਲਵਾੜੀ ਦੇ ਵਿੱਚ
ਗ਼ਮ ਆ ਡੇਰੇ ਹੈ ਲਾਉਂਦਾ।
ਤਨ ਦੀ ਤਾਕਤ ਘੁਲ ਜਾਂਦੀ ਹੈ
ਚਿਹਰੇ ਤੇ ਰੌਣਕ ਨਹੀਂ ਰਹਿੰਦੀ
ਗਲ ਵਿੱਚੋਂ ਆਵਾਜ਼ ਨਾ ਨਿਕਲੇ
ਮਨ ਵਿੱਚ ਕੋਈ ਆਸ ਨਹੀਂ ਰਹਿੰਦੀ।
ਚਿੱਤ ਖਾਲੀ, ਢੁੱਬ ਰਹੇ ਨਾ ਕੋਈ
ਰਾਤਾਂ ਦੀ ਨੀਂਦਰ ਭੱਜ ਜਾਵੇ
ਮਰ ਜਾਣ ਦੇ ਖਿਆਲ ਨੇ ਆਉਂਦੇ
ਬਿਨ੍ਹ ਕਾਰਣ ਰੋਣਾ ਪਿਆ ਆਵੇ।
ਖਟਮਲ ਵਾਂਗ ਮੰਜੇ ਦੇ ਨਾਲ
ਜੁੜੇ ਰਹਿਣ ਨੂੰ ਦਿਲ ਹੈ ਕਰਦਾ
ਆਪੇ ਦੀ ਸੋਝੀ ਖੋ ਜਾਂਦੀ, ਜਦ
ਵੀਰਾਨਾ-ਪਨ ਮਨ ਵਿੱਚ ਆ ਭਰਦਾ।
ਕਈ ਕਹਿਣ ਵੀਰਾਨੇ-ਪਨ ਦਾ
ਕਾਰਨ ਗ਼ੁੱਸਾ ਹੈ ਜੋ ਬਲਦਾ
ਬਾਹਰ ਜਦ ਇਹ ਨਿਕਲ ਨਾ ਸਕੇ
ਅੰਦਰੇ ਅੰਦਰ ਸਰੀਰ ਹੈ ਜਲਦਾ।
'ਕੈਮੀਕਲ-ਇਬਿੰਲੇਂਸ' ਹੈ ਇਹ
ਕਹਿੰਦੇ ਨੇ ਸੁਭਾਂਨ ਵਿਗਿਆਨੀ
ਭੇਡ-ਚਾਲ ਹਨ ਉਨ੍ਹਾਂ ਦੇ ਪਿੱਛੇ
ਮੇਰੇ ਵਰਗੇ ਸਾਧ - ਅਗਿਆਨੀ।
ਬੜੇ ਸਿਆਣੇ ਹਾਰ ਥੱਕੇ ਹਨ
ਸਮਝ ਨਾ ਸਕੇ ਇਹ ਬਿਮਾਰੀ
ਜਿਨ੍ਹੇ ਕੁ ਵੱਡੀ ਬੁੱਧ ਹੈ ਜਿਸਦੀ
ਉਨ੍ਹੀਂ ਵੱਡੀ ਉਸ ਡੰਗ ਹੈ ਮਾਰੀ।
ਅੱਜ-ਕੱਲ ਦੇ ਵਿਗਿਆਨਕ ਯੁੱਗ ਵਿੱਚ
ਮਨੁੱਖ ਹੈ ਗਿਆਨਾਂ ਦਾ ਭੰਡਾਰਾ
ਪਰ ਮੰਜ਼ਲੋਂ ਘੁੱਥੇ ਰਾਹੀਂ ਵਾਂਗੂ
ਭਟਕ ਰਹਿਆਂ ਕਿਸਮਤ ਦਾ ਮਾਰਾ।
'ਭਾਵਕ-ਏਕਤਾ' ਹੈ ਖੋ ਬੈਠਾ
ਇਸ ਯੁੱਗ ਦਾ ਚਿੰਤਕ ਇਨਸਾਨ
ਠੰਡੀ ਹੈ ਚੁੱਕੀ ਸਵਾਹ ਦੇ ਵਿੱਚੋਂ
ਅੱਗ ਹੈ ਪਿਆ ਲੱਭਦਾ ਨਾਦਾਨ।
ਆਨੰਦ ਪ੍ਰਾਪਤ ਕਰਨ ਦੀ ਖ਼ਾਤਰ
ਕਈ ਉਪਰਾਲੇ ਹੈ ਇਹ ਕਰਦਾ
ਪਰ ਮਨ ਵਿੱਚੋਂ ਈਰਖਾ, ਸਵਾਰਥ,
ਜ਼ਬਰ, ਹਉਮੈ ਤੇ ਵੈਰ ਨਾ ਕੱਢਦਾ।
ਬਾਹਰ ਦੇ ਫੋਕੇ ਨਸ਼ਿਆਂ ਨਾਲ
ਇਹ ਆਪਣੀ ਮੌਤ ਮਾਰ ਰਿਹਾ ਹੈ
ਵਕਤੀ ਦਿਲ - ਪ੍ਰਚਾਵਿਆਂ ਕੋਲੋਂ
ਅੰਦਰ ਦੇ ਸੁਖ ਗਾਲ ਰਿਹਾ ਹੈ।
ਅਕਲਾਂ ਦੀ ਕੋਈ ਥੋੜ੍ਹ ਨਾ ਇਸ ਨੂੰ
ਘਾਟਾ 'ਸ਼ਰਧਾ' ਅਰ 'ਪਿਆਰ' ਦਾ ਹੈ
'ਸਹਿਜ - ਅਵਸਥਾ' ਵਿੱਚ ਮਨ ਕਿਵੇਂ ਆਵੇ
ਇਹ ਤਾਂ ਜਾਣੀ - ਜਾਣ' ਹੀ ਜਾਣਦਾ ਹੈ।
Beware of
Anti-Sikh
Rumours
